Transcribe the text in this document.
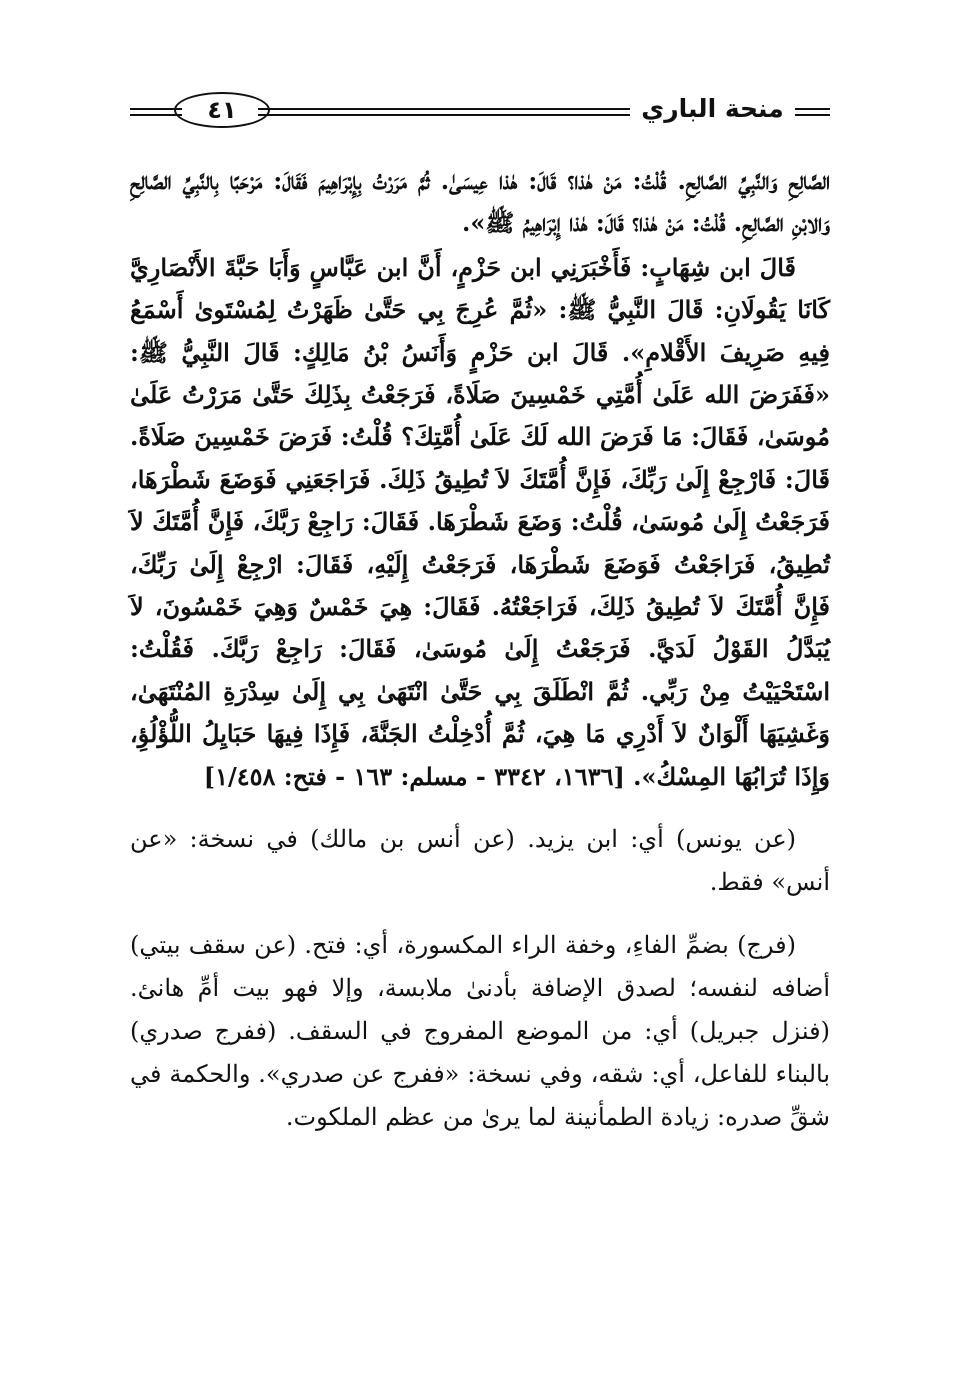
٤١	منحة الباري

الصَّالِحِ وَالنَّبِيِّ الصَّالِحِ. قُلْتُ: مَنْ هٰذا؟ قَالَ: هٰذا عِيسَىٰ. ثُمَّ مَرَرْتُ بِإِبْرَاهِيمَ فَقَالَ: مَرْحَبًا بِالنَّبِيِّ الصَّالِحِ وَالابْنِ الصَّالِحِ. قُلْتُ: مَنْ هٰذا؟ قَالَ: هٰذا إِبْرَاهِيمُ ﷺ».

قَالَ ابن شِهَابٍ: فَأَخْبَرَنِي ابن حَزْمٍ، أَنَّ ابن عَبَّاسٍ وَأَبَا حَبَّةَ الأَنْصَارِيَّ كَانَا يَقُولَانِ: قَالَ النَّبِيُّ ﷺ: «ثُمَّ عُرِجَ بِي حَتَّىٰ ظَهَرْتُ لِمُسْتَوىٰ أَسْمَعُ فِيهِ صَرِيفَ الأَقْلامِ». قَالَ ابن حَزْمٍ وَأَنَسُ بْنُ مَالِكٍ: قَالَ النَّبِيُّ ﷺ: «فَفَرَضَ الله عَلَىٰ أُمَّتِي خَمْسِينَ صَلَاةً، فَرَجَعْتُ بِذَلِكَ حَتَّىٰ مَرَرْتُ عَلَىٰ مُوسَىٰ، فَقَالَ: مَا فَرَضَ الله لَكَ عَلَىٰ أُمَّتِكَ؟ قُلْتُ: فَرَضَ خَمْسِينَ صَلَاةً. قَالَ: فَارْجِعْ إِلَىٰ رَبِّكَ، فَإِنَّ أُمَّتَكَ لاَ تُطِيقُ ذَلِكَ. فَرَاجَعَنِي فَوَضَعَ شَطْرَهَا، فَرَجَعْتُ إِلَىٰ مُوسَىٰ، قُلْتُ: وَضَعَ شَطْرَهَا. فَقَالَ: رَاجِعْ رَبَّكَ، فَإِنَّ أُمَّتَكَ لاَ تُطِيقُ، فَرَاجَعْتُ فَوَضَعَ شَطْرَهَا، فَرَجَعْتُ إِلَيْهِ، فَقَالَ: ارْجِعْ إِلَىٰ رَبِّكَ، فَإِنَّ أُمَّتَكَ لاَ تُطِيقُ ذَلِكَ، فَرَاجَعْتُهُ. فَقَالَ: هِيَ خَمْسٌ وَهِيَ خَمْسُونَ، لاَ يُبَدَّلُ القَوْلُ لَدَيَّ. فَرَجَعْتُ إِلَىٰ مُوسَىٰ، فَقَالَ: رَاجِعْ رَبَّكَ. فَقُلْتُ: اسْتَحْيَيْتُ مِنْ رَبِّي. ثُمَّ انْطَلَقَ بِي حَتَّىٰ انْتَهَىٰ بِي إِلَىٰ سِدْرَةِ المُنْتَهَىٰ، وَغَشِيَهَا أَلْوَانٌ لاَ أَدْرِي مَا هِيَ، ثُمَّ أُدْخِلْتُ الجَنَّةَ، فَإِذَا فِيهَا حَبَايِلُ اللُّؤْلُؤِ، وَإِذَا تُرَابُهَا المِسْكُ». [١٦٣٦، ٣٣٤٢ - مسلم: ١٦٣ - فتح: ١/٤٥٨]

(عن يونس) أي: ابن يزيد. (عن أنس بن مالك) في نسخة: «عن أنس» فقط.

(فرج) بضمِّ الفاءِ، وخفة الراء المكسورة، أي: فتح. (عن سقف بيتي) أضافه لنفسه؛ لصدق الإضافة بأدنىٰ ملابسة، وإلا فهو بيت أمِّ هانئ. (فنزل جبريل) أي: من الموضع المفروج في السقف. (ففرج صدري) بالبناء للفاعل، أي: شقه، وفي نسخة: «ففرج عن صدري». والحكمة في شقِّ صدره: زيادة الطمأنينة لما يرىٰ من عظم الملكوت.
